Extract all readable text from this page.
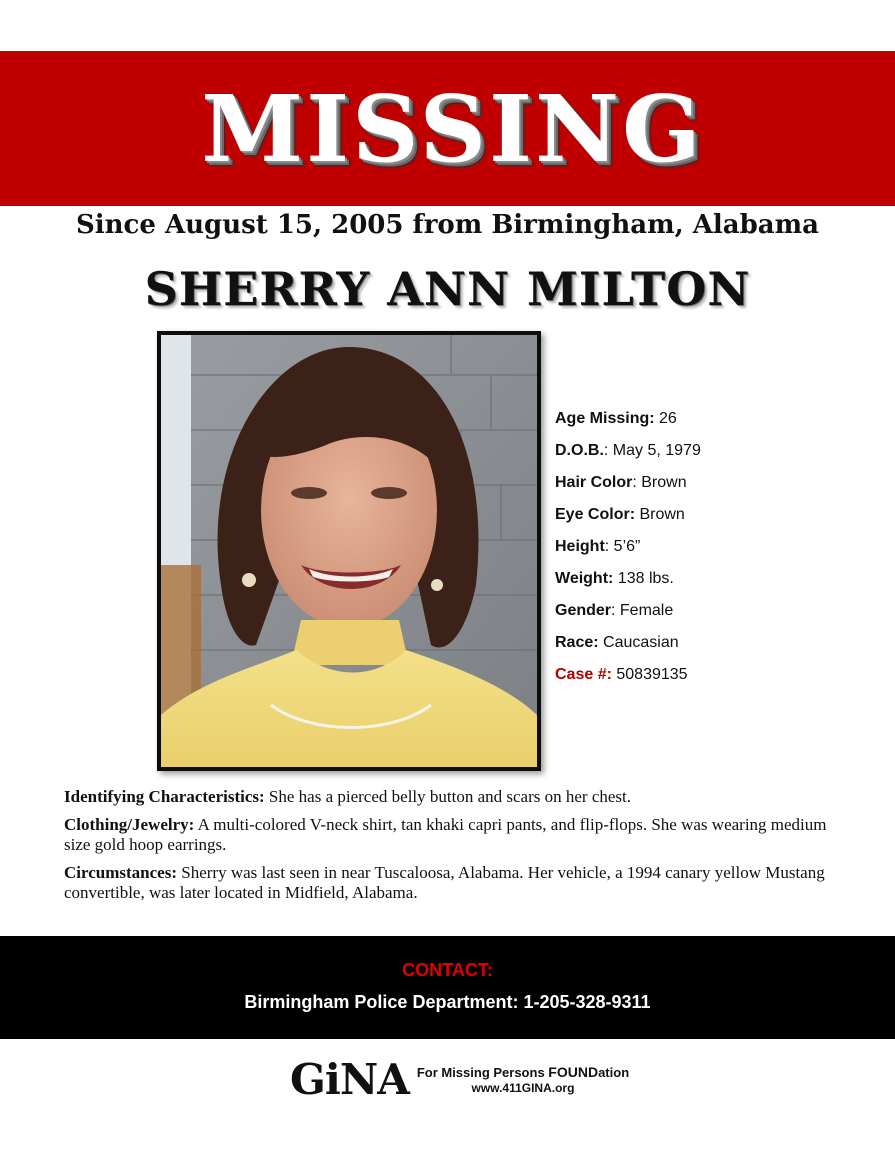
MISSING
Since August 15, 2005 from Birmingham, Alabama
SHERRY ANN MILTON
Age Missing: 26
D.O.B.: May 5, 1979
Hair Color: Brown
Eye Color: Brown
Height: 5’6”
Weight: 138 lbs.
Gender: Female
Race: Caucasian
Case #: 50839135

Identifying Characteristics: She has a pierced belly button and scars on her chest.

Clothing/Jewelry: A multi-colored V-neck shirt, tan khaki capri pants, and flip-flops. She was wearing medium size gold hoop earrings.

Circumstances: Sherry was last seen in near Tuscaloosa, Alabama. Her vehicle, a 1994 canary yellow Mustang convertible, was later located in Midfield, Alabama.

CONTACT:
Birmingham Police Department: 1-205-328-9311
GiNA For Missing Persons FOUNDation
www.411GINA.org
